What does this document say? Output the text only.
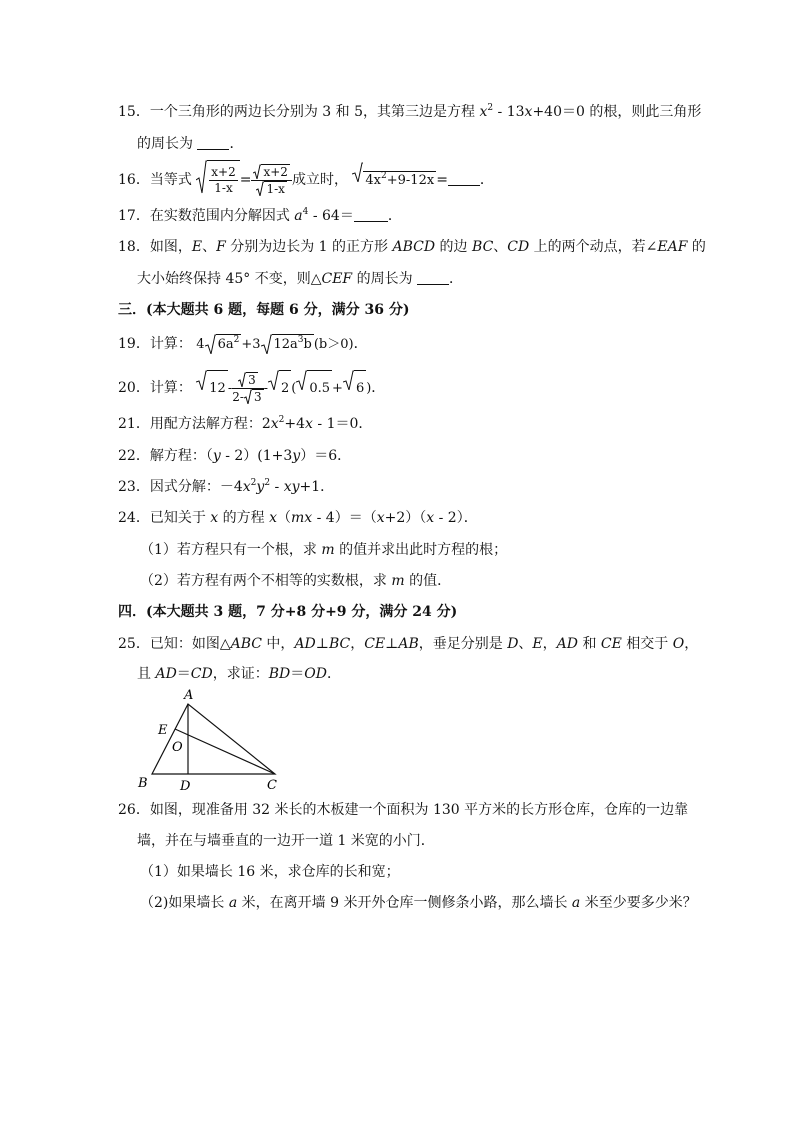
15．一个三角形的两边长分别为 3 和 5，其第三边是方程 $x^2 - 13x+40=0$ 的根，则此三角形
的周长为	．
16．当等式 $\frac{x+2}{1-x} = \frac{x+2}{1-x}$ 成立时， $4x^2+9-12x$ = ．
17．在实数范围内分解因式 $a^4 - 64=$ ．
18．如图，E、F 分别为边长为 1 的正方形 ABCD 的边 BC、CD 上的两个动点，若∠EAF 的
大小始终保持 45° 不变，则△CEF 的周长为	．
三．(本大题共 6 题，每题 6 分，满分 36 分)
19．计算： 4 $6a^2 +3$ $12a^3b$ (b＞0)．
20．计算： $12 - \frac{3}{2- 3} - 2$ ( 0.5 + 6 )．
21．用配方法解方程：$2x^2+4x - 1=0$．
22．解方程：（y - 2）(1+3y）＝6．
23．因式分解：$-4x^2y^2 - xy+1$．
24．已知关于 x 的方程 x（mx - 4）＝（x+2）（x - 2）．
（1）若方程只有一个根，求 m 的值并求出此时方程的根；
（2）若方程有两个不相等的实数根，求 m 的值．
四．(本大题共 3 题，7 分+8 分+9 分，满分 24 分)
25．已知：如图△ABC 中，AD⊥BC，CE⊥AB，垂足分别是 D、E，AD 和 CE 相交于 O，
且 AD＝CD，求证：BD＝OD．
A
B	C
D
E
O
26．如图，现准备用 32 米长的木板建一个面积为 130 平方米的长方形仓库，仓库的一边靠
墙，并在与墙垂直的一边开一道 1 米宽的小门．
（1）如果墙长 16 米，求仓库的长和宽；
（2)如果墙长 a 米，在离开墙 9 米开外仓库一侧修条小路，那么墙长 a 米至少要多少米？
